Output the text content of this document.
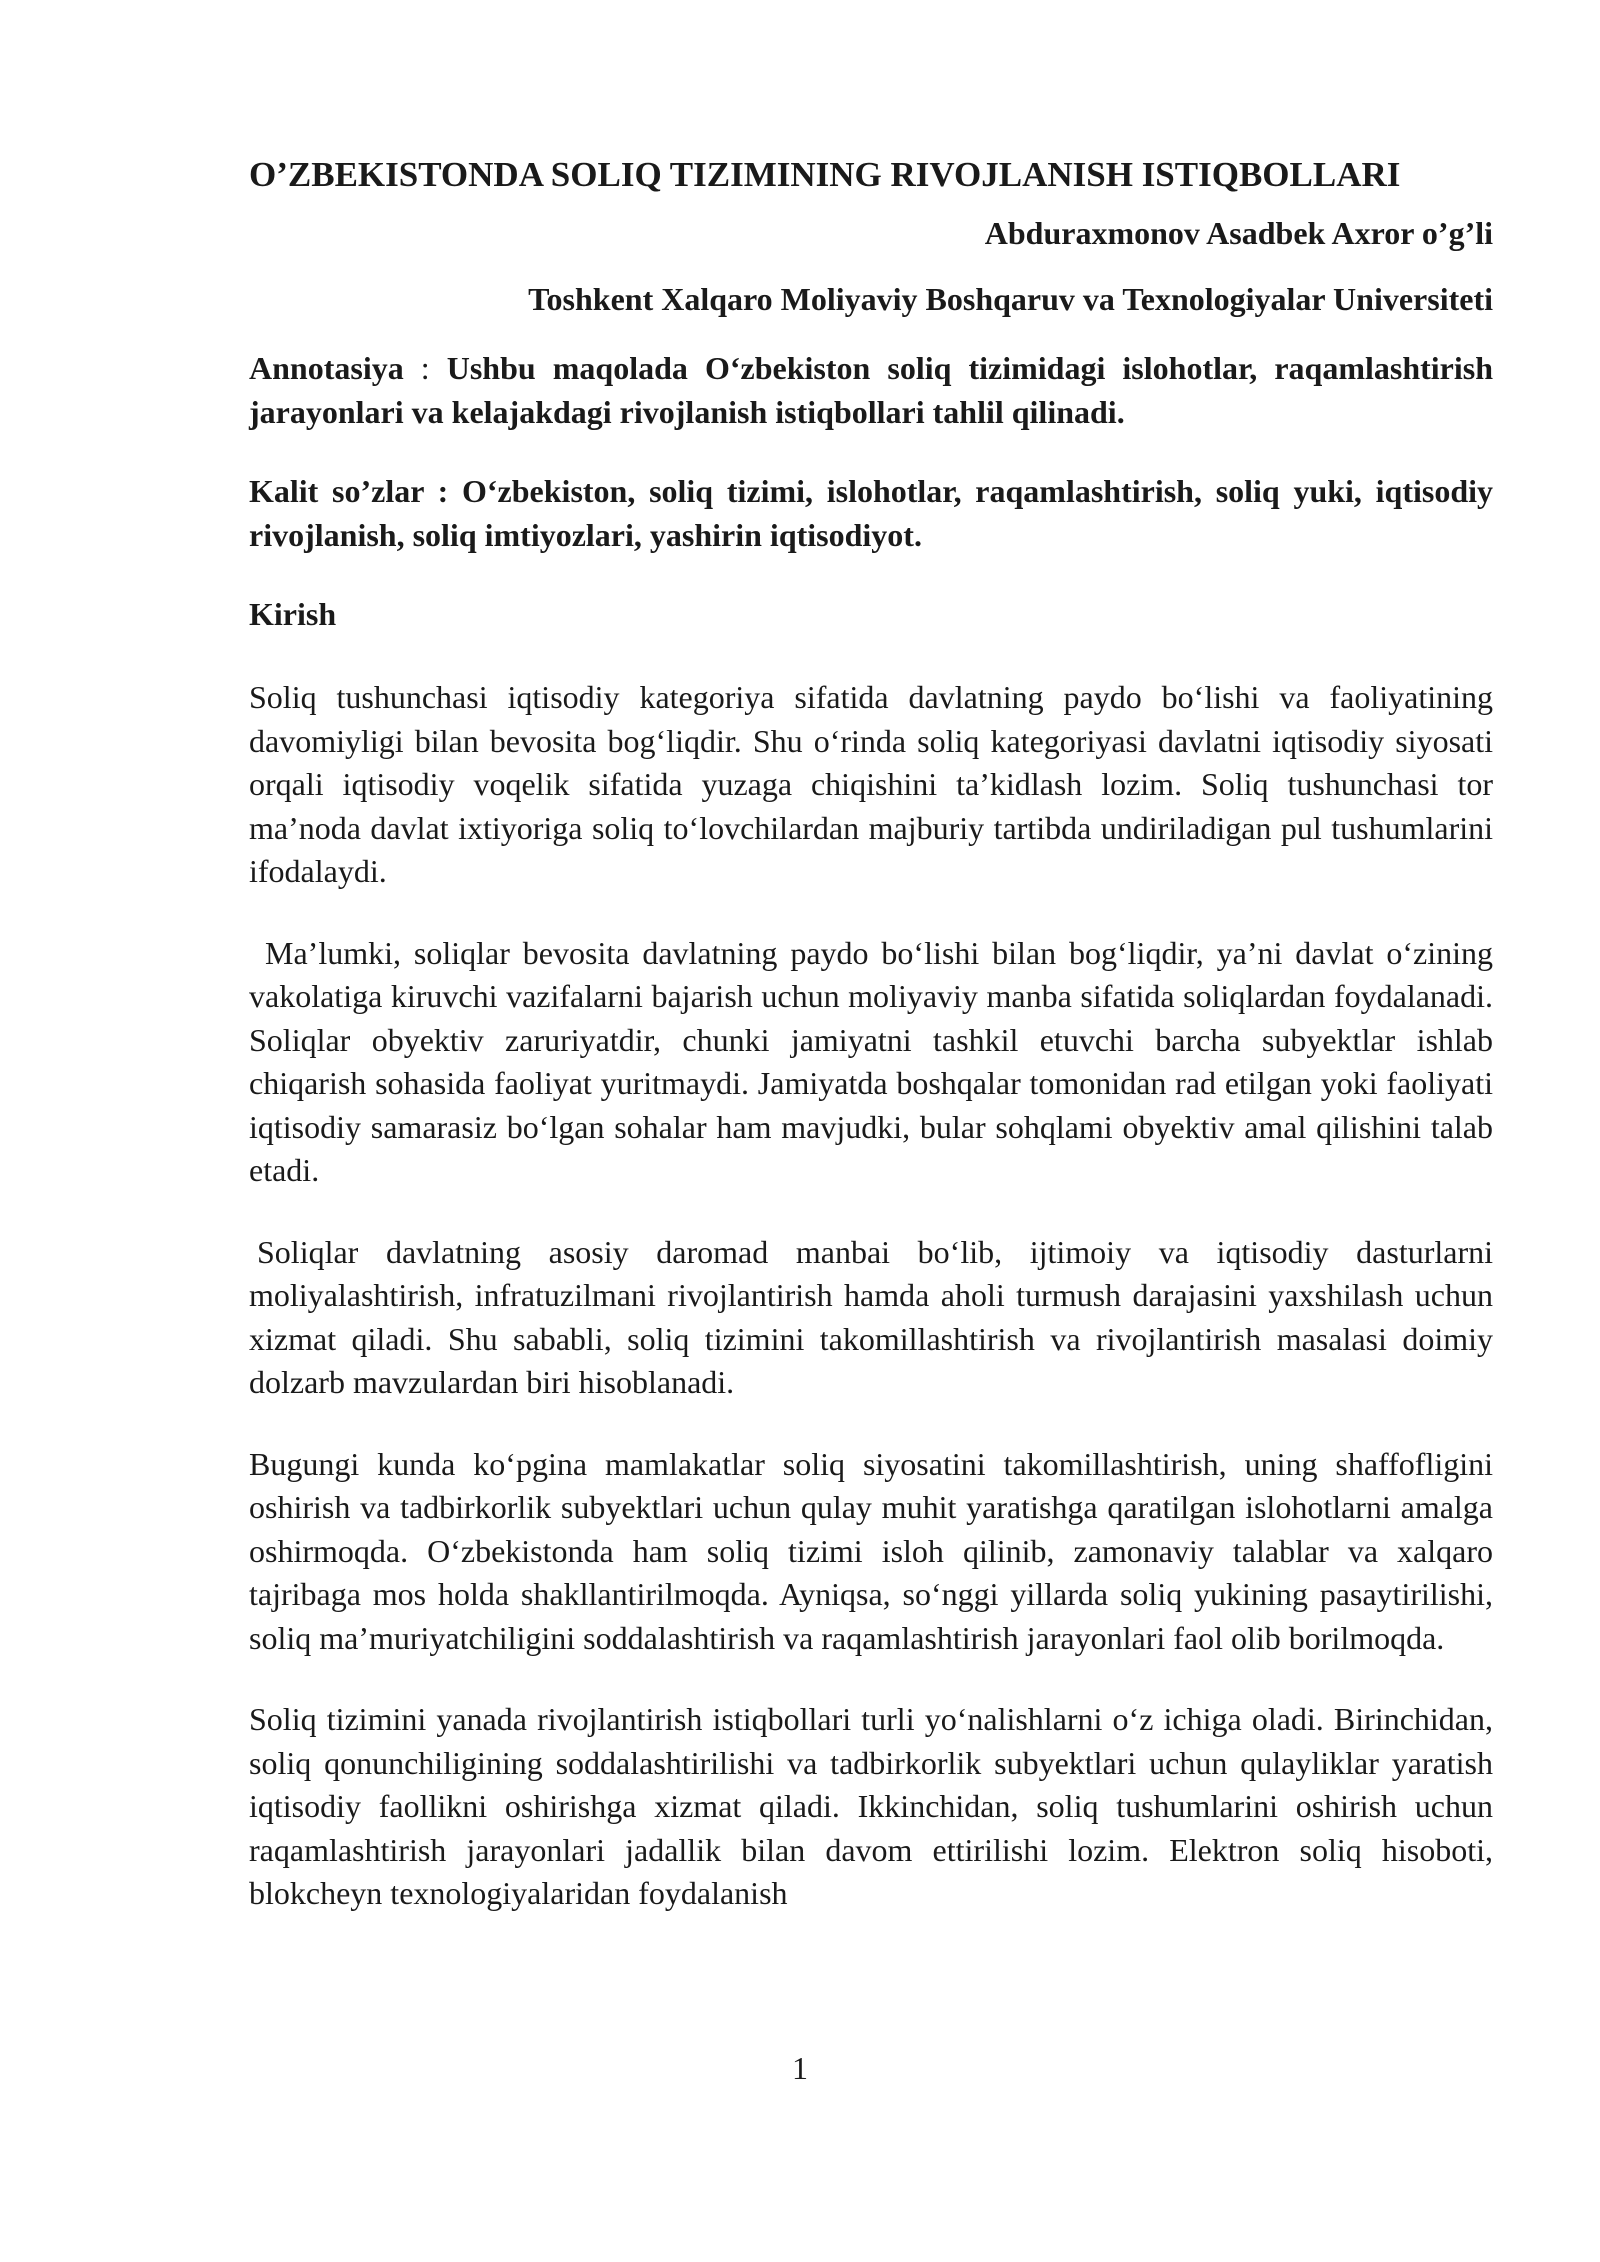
O’ZBEKISTONDA SOLIQ TIZIMINING RIVOJLANISH ISTIQBOLLARI
Abduraxmonov Asadbek Axror o’g’li
Toshkent Xalqaro Moliyaviy Boshqaruv va Texnologiyalar Universiteti
Annotasiya : Ushbu maqolada O‘zbekiston soliq tizimidagi islohotlar, raqamlashtirish jarayonlari va kelajakdagi rivojlanish istiqbollari tahlil qilinadi.
Kalit so’zlar : O‘zbekiston, soliq tizimi, islohotlar, raqamlashtirish, soliq yuki, iqtisodiy rivojlanish, soliq imtiyozlari, yashirin iqtisodiyot.
Kirish

Soliq tushunchasi iqtisodiy kategoriya sifatida davlatning paydo bo‘lishi va faoliyatining davomiyligi bilan bevosita bog‘liqdir. Shu o‘rinda soliq kategoriyasi davlatni iqtisodiy siyosati orqali iqtisodiy voqelik sifatida yuzaga chiqishini ta’kidlash lozim. Soliq tushunchasi tor ma’noda davlat ixtiyoriga soliq to‘lovchilardan majburiy tartibda undiriladigan pul tushumlarini ifodalaydi.

Ma’lumki, soliqlar bevosita davlatning paydo bo‘lishi bilan bog‘liqdir, ya’ni davlat o‘zining vakolatiga kiruvchi vazifalarni bajarish uchun moliyaviy manba sifatida soliqlardan foydalanadi. Soliqlar obyektiv zaruriyatdir, chunki jamiyatni tashkil etuvchi barcha subyektlar ishlab chiqarish sohasida faoliyat yuritmaydi. Jamiyatda boshqalar tomonidan rad etilgan yoki faoliyati iqtisodiy samarasiz bo‘lgan sohalar ham mavjudki, bular sohqlami obyektiv amal qilishini talab etadi.

Soliqlar davlatning asosiy daromad manbai bo‘lib, ijtimoiy va iqtisodiy dasturlarni moliyalashtirish, infratuzilmani rivojlantirish hamda aholi turmush darajasini yaxshilash uchun xizmat qiladi. Shu sababli, soliq tizimini takomillashtirish va rivojlantirish masalasi doimiy dolzarb mavzulardan biri hisoblanadi.

Bugungi kunda ko‘pgina mamlakatlar soliq siyosatini takomillashtirish, uning shaffofligini oshirish va tadbirkorlik subyektlari uchun qulay muhit yaratishga qaratilgan islohotlarni amalga oshirmoqda. O‘zbekistonda ham soliq tizimi isloh qilinib, zamonaviy talablar va xalqaro tajribaga mos holda shakllantirilmoqda. Ayniqsa, so‘nggi yillarda soliq yukining pasaytirilishi, soliq ma’muriyatchiligini soddalashtirish va raqamlashtirish jarayonlari faol olib borilmoqda.

Soliq tizimini yanada rivojlantirish istiqbollari turli yo‘nalishlarni o‘z ichiga oladi. Birinchidan, soliq qonunchiligining soddalashtirilishi va tadbirkorlik subyektlari uchun qulayliklar yaratish iqtisodiy faollikni oshirishga xizmat qiladi. Ikkinchidan, soliq tushumlarini oshirish uchun raqamlashtirish jarayonlari jadallik bilan davom ettirilishi lozim. Elektron soliq hisoboti, blokcheyn texnologiyalaridan foydalanish

1
